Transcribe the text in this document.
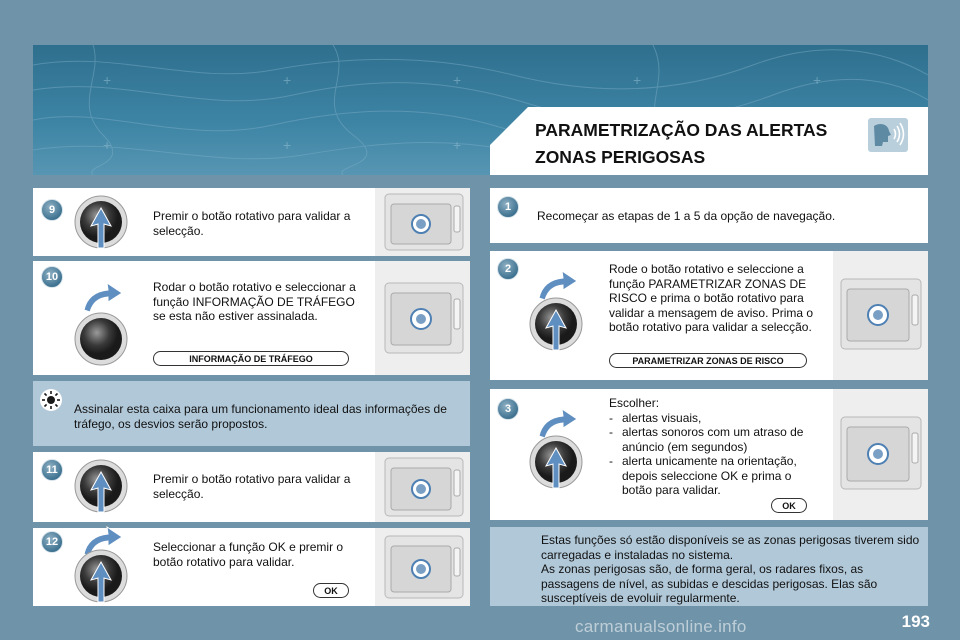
+	+	+	+	+
+	+	+
PARAMETRIZAÇÃO DAS ALERTAS
ZONAS PERIGOSAS
9	Premir o botão rotativo para validar a selecção.
10
Rodar o botão rotativo e seleccionar a função INFORMAÇÃO DE TRÁFEGO se esta não estiver assinalada.
INFORMAÇÃO DE TRÁFEGO
Assinalar esta caixa para um funcionamento ideal das informações de tráfego, os desvios serão propostos.
11
Premir o botão rotativo para validar a selecção.
12	Seleccionar a função OK e premir o botão rotativo para validar.
OK
1
Recomeçar as etapas de 1 a 5 da opção de navegação.
2	Rode o botão rotativo e seleccione a função PARAMETRIZAR ZONAS DE RISCO e prima o botão rotativo para validar a mensagem de aviso. Prima o botão rotativo para validar a selecção.
PARAMETRIZAR ZONAS DE RISCO
3	Escolher:
- alertas visuais,
- alertas sonoros com um atraso de anúncio (em segundos)
- alerta unicamente na orientação, depois seleccione OK e prima o botão para validar.
OK
Estas funções só estão disponíveis se as zonas perigosas tiverem sido carregadas e instaladas no sistema.
As zonas perigosas são, de forma geral, os radares fixos, as passagens de nível, as subidas e descidas perigosas. Elas são susceptíveis de evoluir regularmente.
carmanualsonline.info	193
